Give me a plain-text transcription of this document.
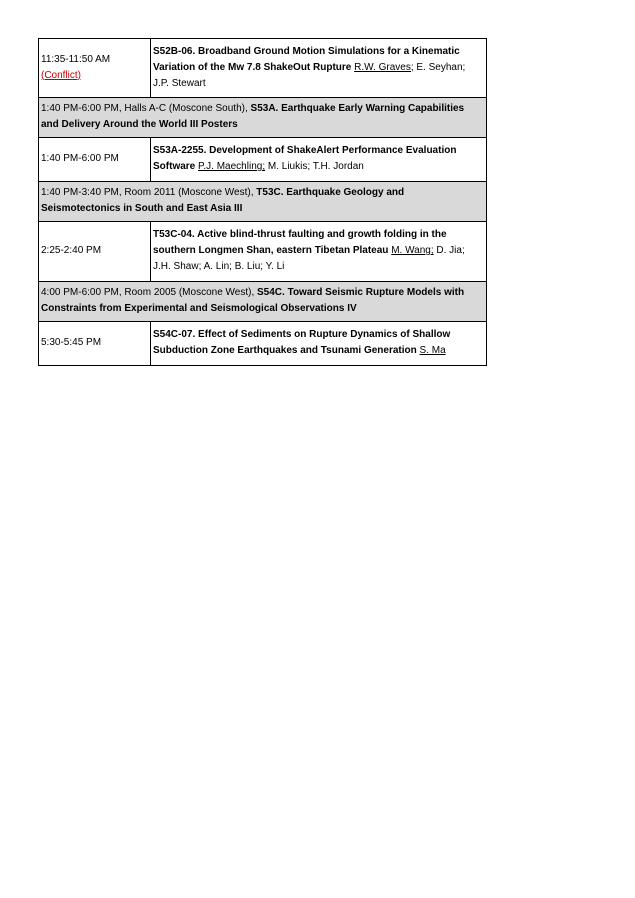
11:35-11:50 AM
(Conflict)	S52B-06. Broadband Ground Motion Simulations for a Kinematic Variation of the Mw 7.8 ShakeOut Rupture R.W. Graves; E. Seyhan; J.P. Stewart
1:40 PM-6:00 PM, Halls A-C (Moscone South), S53A. Earthquake Early Warning Capabilities and Delivery Around the World III Posters	
1:40 PM-6:00 PM	S53A-2255. Development of ShakeAlert Performance Evaluation Software P.J. Maechling; M. Liukis; T.H. Jordan
1:40 PM-3:40 PM, Room 2011 (Moscone West), T53C. Earthquake Geology and Seismotectonics in South and East Asia III	
2:25-2:40 PM	T53C-04. Active blind-thrust faulting and growth folding in the southern Longmen Shan, eastern Tibetan Plateau M. Wang; D. Jia; J.H. Shaw; A. Lin; B. Liu; Y. Li
4:00 PM-6:00 PM, Room 2005 (Moscone West), S54C. Toward Seismic Rupture Models with Constraints from Experimental and Seismological Observations IV	
5:30-5:45 PM	S54C-07. Effect of Sediments on Rupture Dynamics of Shallow Subduction Zone Earthquakes and Tsunami Generation S. Ma
